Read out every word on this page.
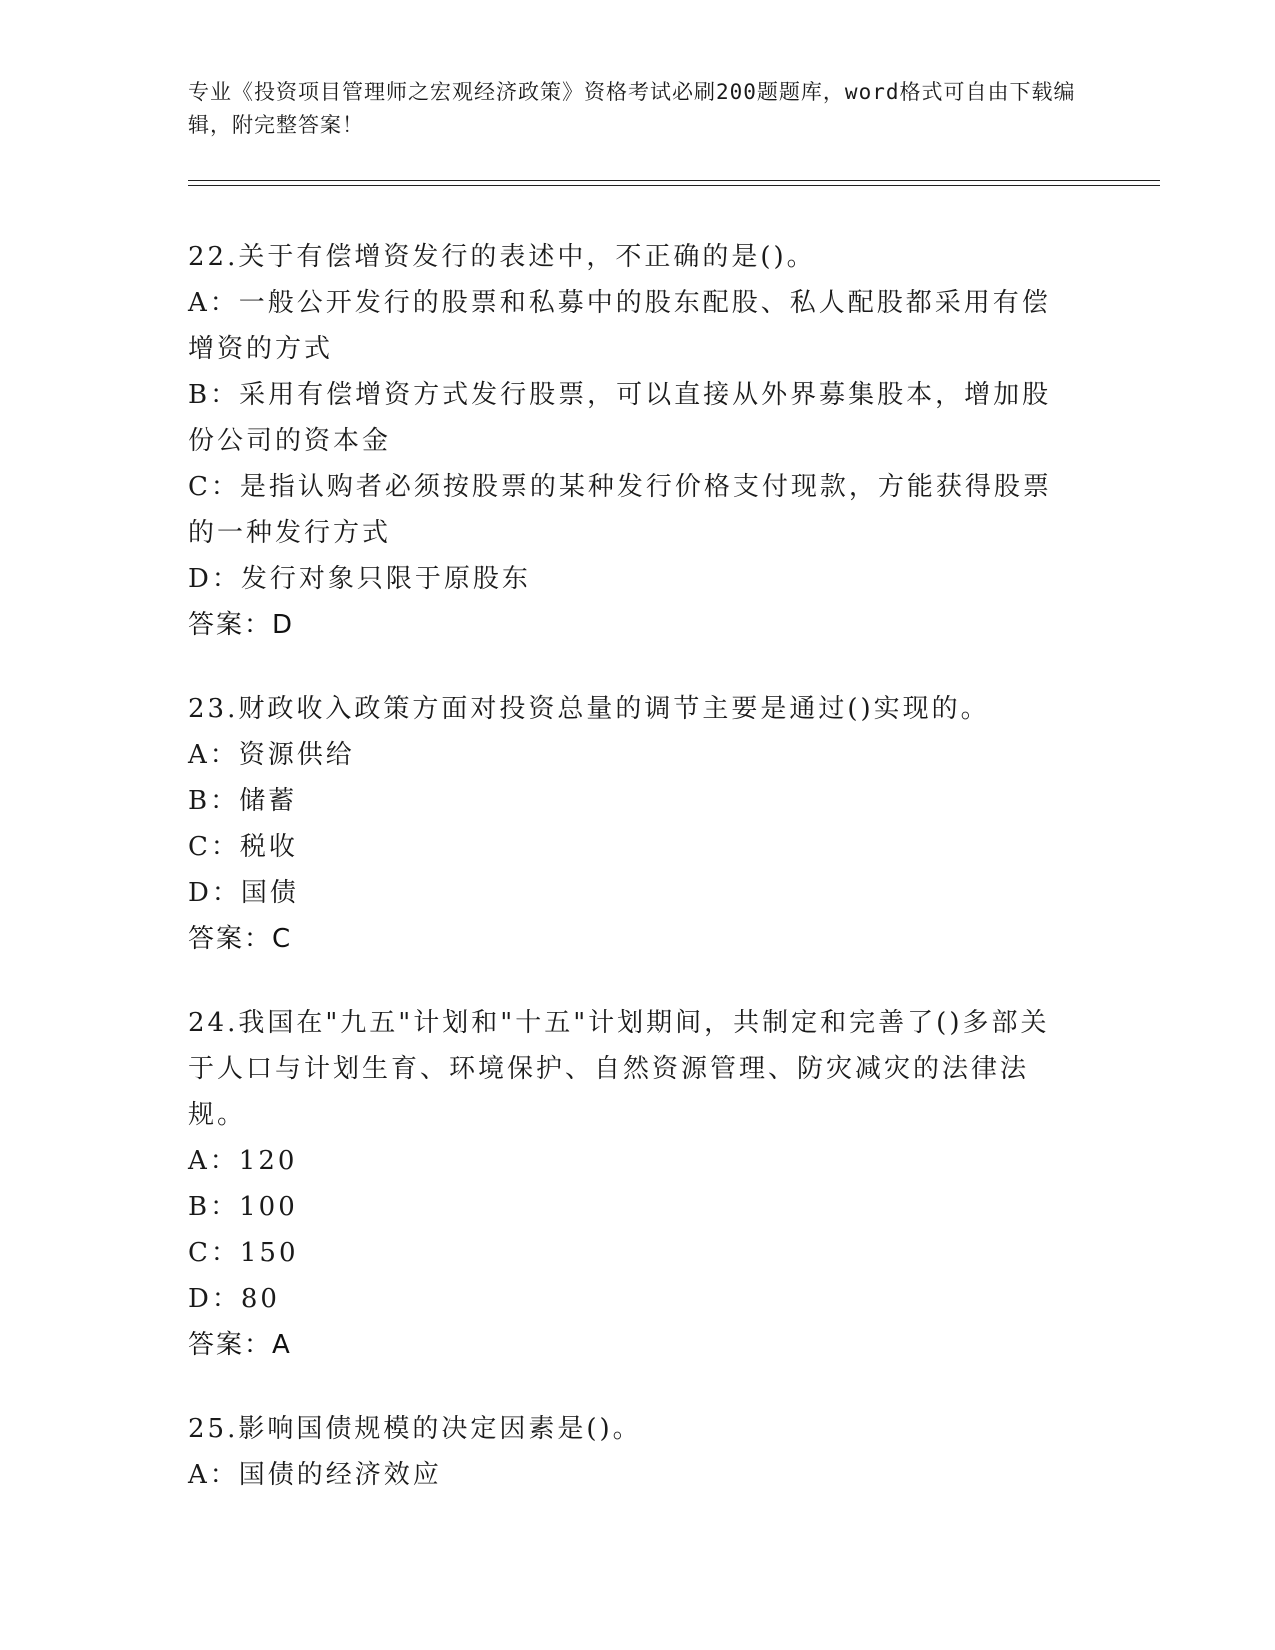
专业《投资项目管理师之宏观经济政策》资格考试必刷200题题库，word格式可自由下载编辑，附完整答案！
22.关于有偿增资发行的表述中，不正确的是()。
A：一般公开发行的股票和私募中的股东配股、私人配股都采用有偿增资的方式
B：采用有偿增资方式发行股票，可以直接从外界募集股本，增加股份公司的资本金
C：是指认购者必须按股票的某种发行价格支付现款，方能获得股票的一种发行方式
D：发行对象只限于原股东
答案：D
23.财政收入政策方面对投资总量的调节主要是通过()实现的。
A：资源供给
B：储蓄
C：税收
D：国债
答案：C
24.我国在"九五"计划和"十五"计划期间，共制定和完善了()多部关于人口与计划生育、环境保护、自然资源管理、防灾减灾的法律法规。
A：120
B：100
C：150
D：80
答案：A
25.影响国债规模的决定因素是()。
A：国债的经济效应
